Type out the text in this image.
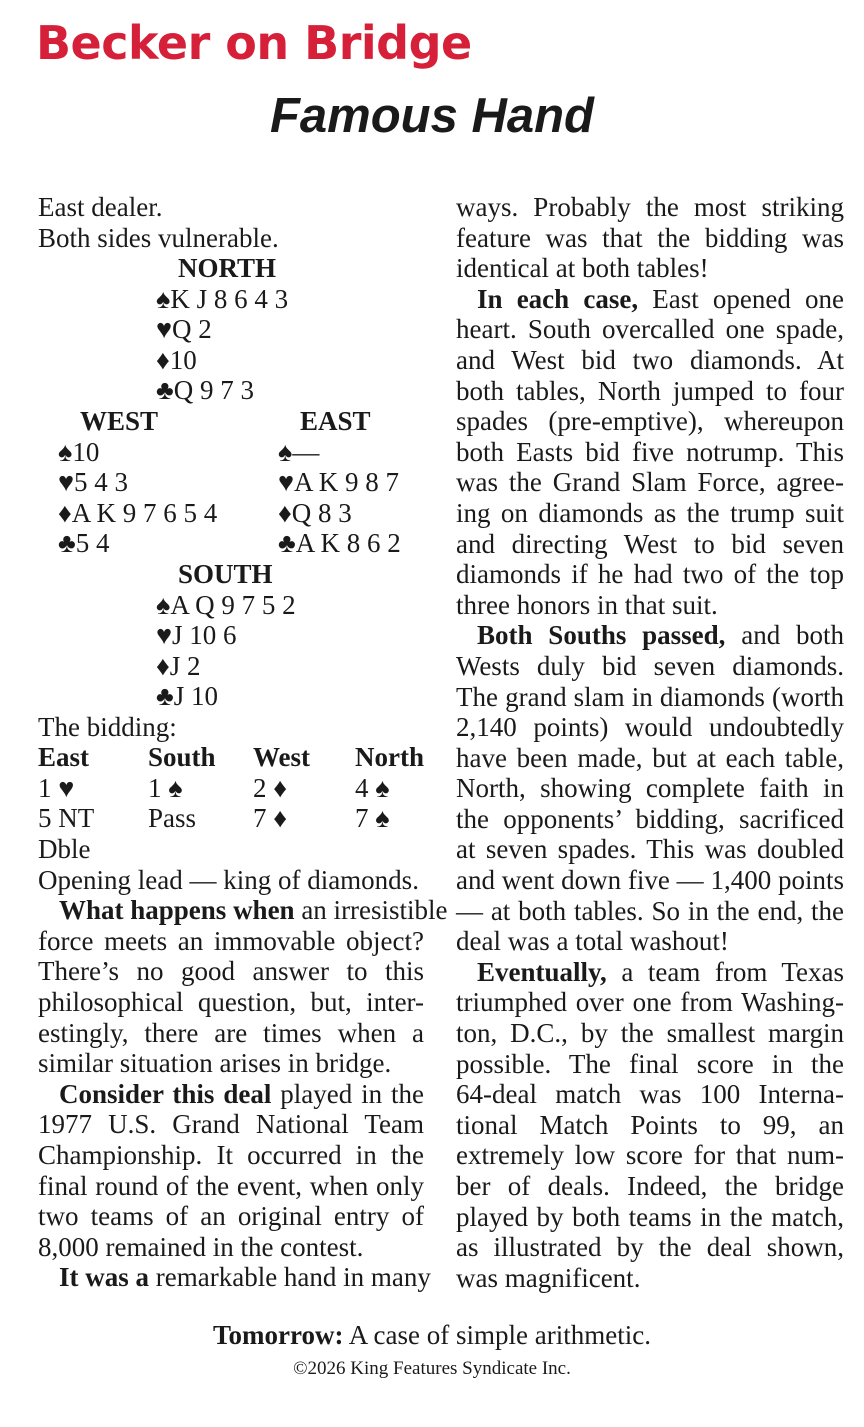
Becker on Bridge
Famous Hand
East dealer.
Both sides vulnerable.
NORTH
♠K J 8 6 4 3
♥Q 2
♦10
♣Q 9 7 3
WEST
♠10
♥5 4 3
♦A K 9 7 6 5 4
♣5 4
EAST
♠—
♥A K 9 8 7
♦Q 8 3
♣A K 8 6 2
SOUTH
♠A Q 9 7 5 2
♥J 10 6
♦J 2
♣J 10
The bidding:
East South West North
1 ♥	1 ♠	2 ♦	4 ♠
5 NT Pass 7 ♦	7 ♠
Dble
Opening lead — king of diamonds.
What happens when an irresistible
force meets an immovable object?
There’s no good answer to this
philosophical question, but, inter-
estingly, there are times when a
similar situation arises in bridge.
Consider this deal played in the
1977 U.S. Grand National Team
Championship. It occurred in the
final round of the event, when only
two teams of an original entry of
8,000 remained in the contest.
It was a remarkable hand in many
ways. Probably the most striking
feature was that the bidding was
identical at both tables!
In each case, East opened one
heart. South overcalled one spade,
and West bid two diamonds. At
both tables, North jumped to four
spades (pre-emptive), whereupon
both Easts bid five notrump. This
was the Grand Slam Force, agree-
ing on diamonds as the trump suit
and directing West to bid seven
diamonds if he had two of the top
three honors in that suit.
Both Souths passed, and both
Wests duly bid seven diamonds.
The grand slam in diamonds (worth
2,140 points) would undoubtedly
have been made, but at each table,
North, showing complete faith in
the opponents’ bidding, sacrificed
at seven spades. This was doubled
and went down five — 1,400 points
— at both tables. So in the end, the
deal was a total washout!
Eventually, a team from Texas
triumphed over one from Washing-
ton, D.C., by the smallest margin
possible. The final score in the
64-deal match was 100 Interna-
tional Match Points to 99, an
extremely low score for that num-
ber of deals. Indeed, the bridge
played by both teams in the match,
as illustrated by the deal shown,
was magnificent.
Tomorrow: A case of simple arithmetic.
©2026 King Features Syndicate Inc.
